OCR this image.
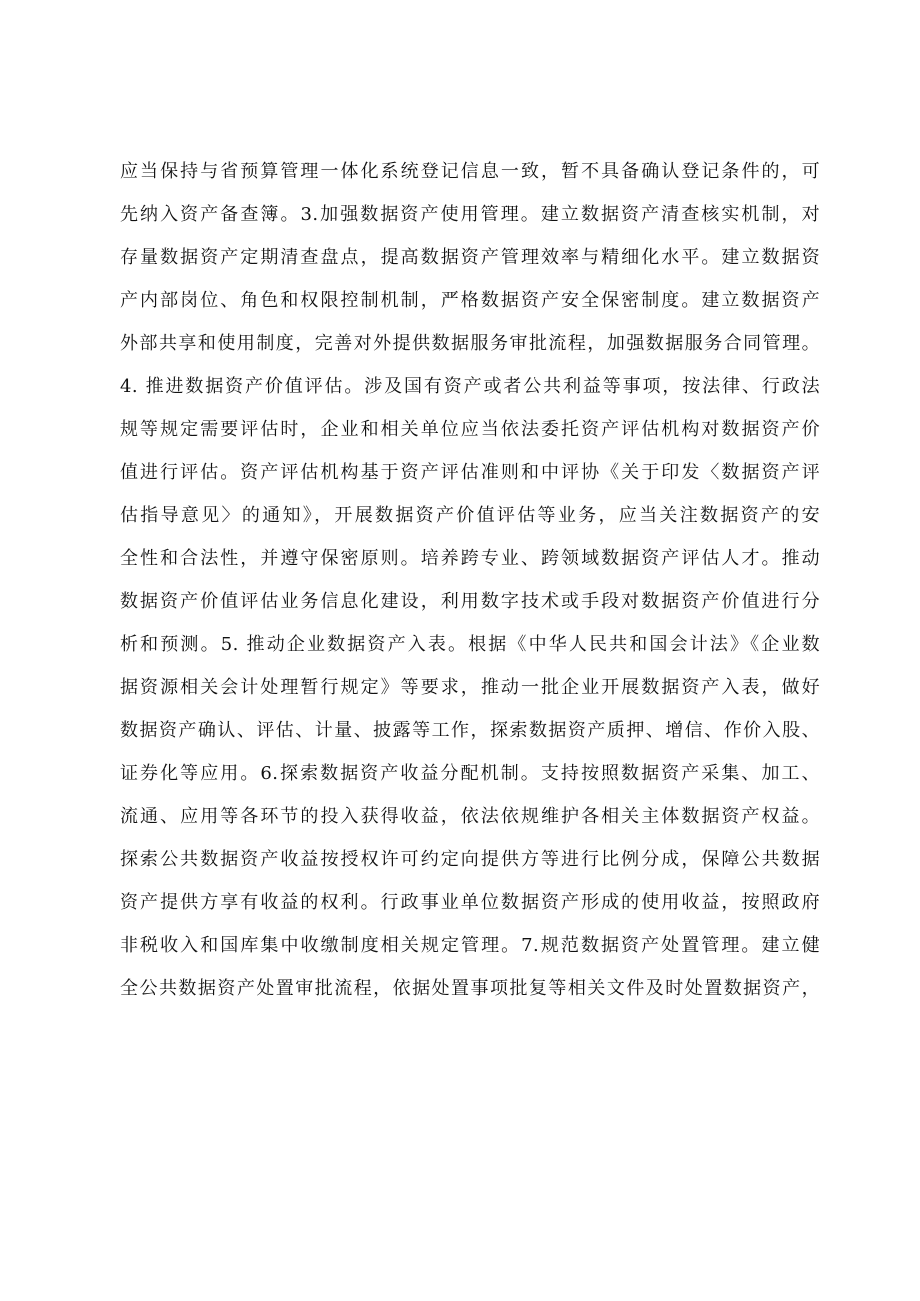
应当保持与省预算管理一体化系统登记信息一致，暂不具备确认登记条件的，可
先纳入资产备查簿。3.加强数据资产使用管理。建立数据资产清查核实机制，对
存量数据资产定期清查盘点，提高数据资产管理效率与精细化水平。建立数据资
产内部岗位、角色和权限控制机制，严格数据资产安全保密制度。建立数据资产
外部共享和使用制度，完善对外提供数据服务审批流程，加强数据服务合同管理。
4. 推进数据资产价值评估。涉及国有资产或者公共利益等事项，按法律、行政法
规等规定需要评估时，企业和相关单位应当依法委托资产评估机构对数据资产价
值进行评估。资产评估机构基于资产评估准则和中评协《关于印发〈数据资产评
估指导意见〉的通知》，开展数据资产价值评估等业务，应当关注数据资产的安
全性和合法性，并遵守保密原则。培养跨专业、跨领域数据资产评估人才。推动
数据资产价值评估业务信息化建设，利用数字技术或手段对数据资产价值进行分
析和预测。5. 推动企业数据资产入表。根据《中华人民共和国会计法》《企业数
据资源相关会计处理暂行规定》等要求，推动一批企业开展数据资产入表，做好
数据资产确认、评估、计量、披露等工作，探索数据资产质押、增信、作价入股、
证券化等应用。6.探索数据资产收益分配机制。支持按照数据资产采集、加工、
流通、应用等各环节的投入获得收益，依法依规维护各相关主体数据资产权益。
探索公共数据资产收益按授权许可约定向提供方等进行比例分成，保障公共数据
资产提供方享有收益的权利。行政事业单位数据资产形成的使用收益，按照政府
非税收入和国库集中收缴制度相关规定管理。7.规范数据资产处置管理。建立健
全公共数据资产处置审批流程，依据处置事项批复等相关文件及时处置数据资产，
